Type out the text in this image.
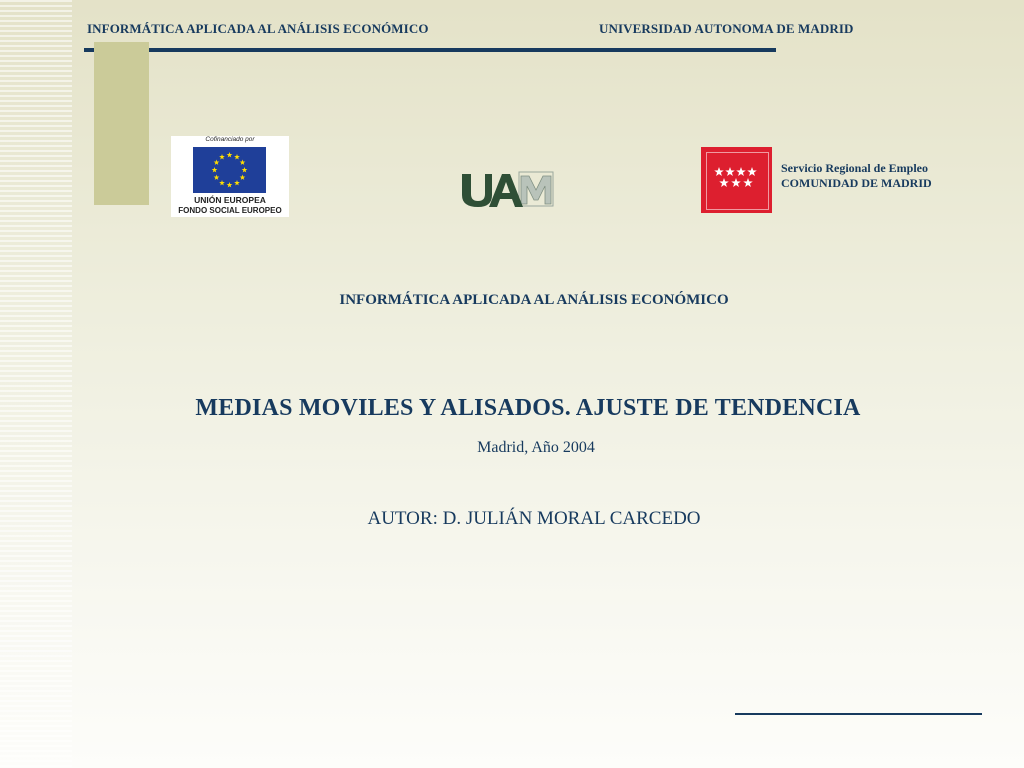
INFORMÁTICA APLICADA AL ANÁLISIS ECONÓMICO	UNIVERSIDAD AUTONOMA DE MADRID
Cofinanciado por
UNIÓN EUROPEA
FONDO SOCIAL EUROPEO
Servicio Regional de Empleo
COMUNIDAD DE MADRID
INFORMÁTICA APLICADA AL ANÁLISIS ECONÓMICO
MEDIAS MOVILES Y ALISADOS. AJUSTE DE TENDENCIA
Madrid, Año 2004
AUTOR: D. JULIÁN MORAL CARCEDO
